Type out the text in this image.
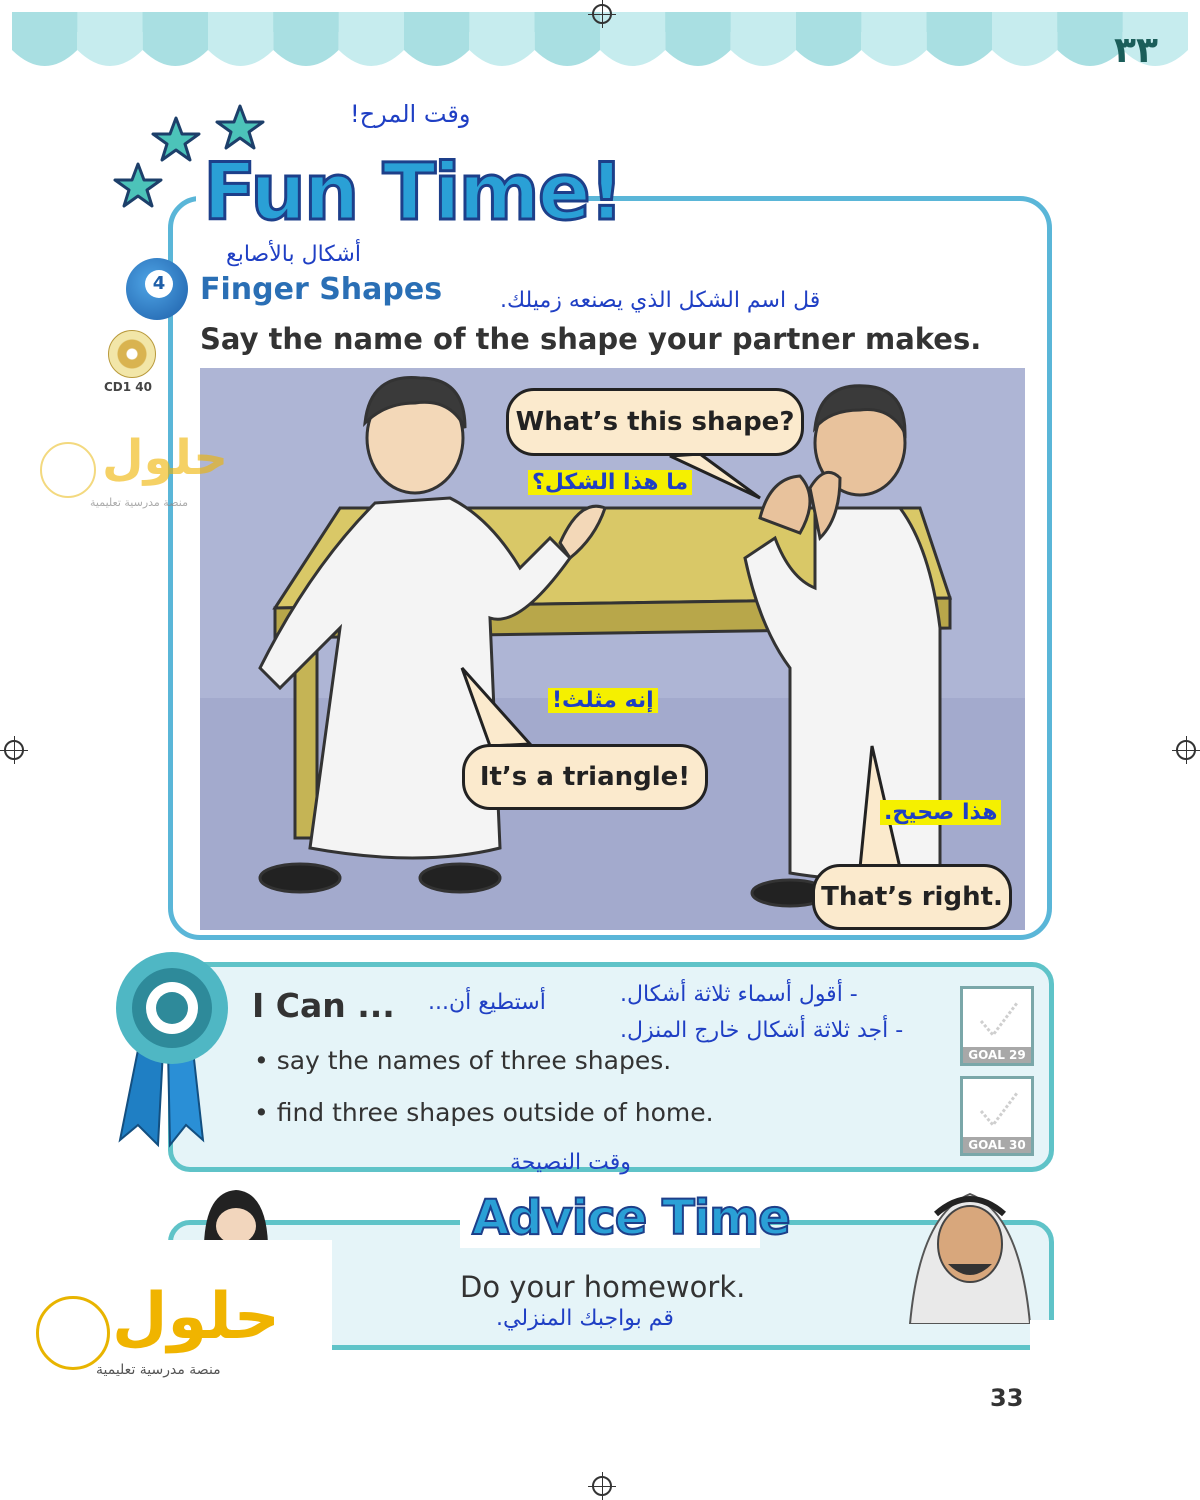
٣٣
Fun Time!
وقت المرح!
4
أشكال بالأصابع
Finger Shapes	قل اسم الشكل الذي يصنعه زميلك.
Say the name of the shape your partner makes.
CD1 40
What’s this shape?
ما هذا الشكل؟
It’s a triangle!
إنه مثلث!
That’s right.
هذا صحيح.
I Can ... أستطيع أن...	- أقول أسماء ثلاثة أشكال.
- أجد ثلاثة أشكال خارج المنزل.
• say the names of three shapes.
• find three shapes outside of home.
GOAL 29
GOAL 30
وقت النصيحة
Advice Time
Do your homework.
قم بواجبك المنزلي.
حلول
منصة مدرسية تعليمية
حلول
منصة مدرسية تعليمية
33
